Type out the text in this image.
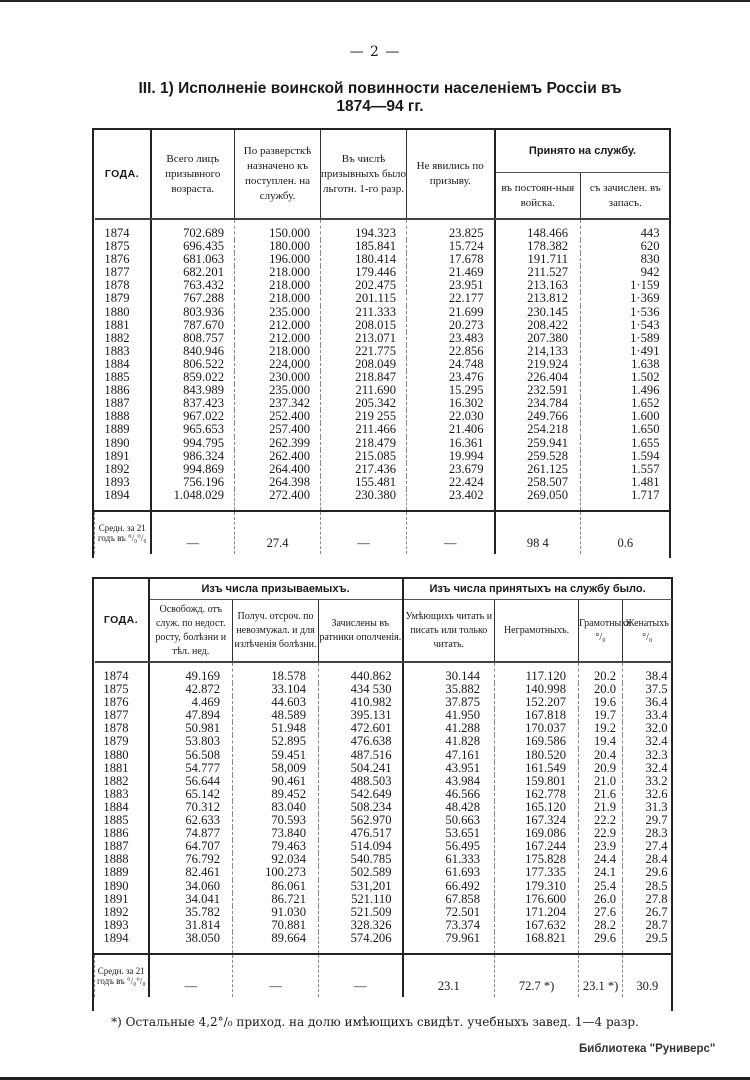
— 2 —
III. 1) Исполненіе воинской повинности населеніемъ Россіи въ
1874—94 гг.
ГОДА.	Всего лицъ призывного возраста.	По разверсткѣ назначено къ поступлен. на службу.	Въ числѣ призывныхъ было льготн. 1-го разр.	Не явились по призыву.	Принято на службу.	
					въ постоян-ныя войска.	съ зачислен. въ запасъ.
1874	702.689	150.000	194.323	23.825	148.466	443
1875	696.435	180.000	185.841	15.724	178.382	620
1876	681.063	196.000	180.414	17.678	191.711	830
1877	682.201	218.000	179.446	21.469	211.527	942
1878	763.432	218.000	202.475	23.951	213.163	1·159
1879	767.288	218.000	201.115	22.177	213.812	1·369
1880	803.936	235.000	211.333	21.699	230.145	1·536
1881	787.670	212.000	208.015	20.273	208.422	1·543
1882	808.757	212.000	213.071	23.483	207.380	1·589
1883	840.946	218.000	221.775	22.856	214,133	1·491
1884	806.522	224,000	208.049	24.748	219.924	1.638
1885	859.022	230.000	218.847	23.476	226.404	1.502
1886	843.989	235.000	211.690	15.295	232.591	1.496
1887	837.423	237.342	205.342	16.302	234.784	1.652
1888	967.022	252.400	219 255	22.030	249.766	1.600
1889	965.653	257.400	211.466	21.406	254.218	1.650
1890	994.795	262.399	218.479	16.361	259.941	1.655
1891	986.324	262.400	215.085	19.994	259.528	1.594
1892	994.869	264.400	217.436	23.679	261.125	1.557
1893	756.196	264.398	155.481	22.424	258.507	1.481
1894	1.048.029	272.400	230.380	23.402	269.050	1.717
Средн. за 21 годъ въ °/₀°/₀	—	27.4	—	—	98 4	0.6
ГОДА.	Изъ числа призываемыхъ.			Изъ числа принятыхъ на службу было.			
	Освобожд. отъ служ. по недост. росту, болѣзни и тѣл. нед.	Получ. отсроч. по невозмужал. и для излѣченія болѣзни.	Зачислены въ ратники ополченія.	Умѣющихъ читать и писать или только читать.	Неграмотныхъ.	Грамотныхъ °/₀	Женатыхъ °/₀
1874	49.169	18.578	440.862	30.144	117.120	20.2	38.4
1875	42.872	33.104	434 530	35.882	140.998	20.0	37.5
1876	4.469	44.603	410.982	37.875	152.207	19.6	36.4
1877	47.894	48.589	395.131	41.950	167.818	19.7	33.4
1878	50.981	51.948	472.601	41.288	170.037	19.2	32.0
1879	53.803	52.895	476.638	41.828	169.586	19.4	32.4
1880	56.508	59.451	487.516	47.161	180.520	20.4	32.3
1881	54.777	58,009	504.241	43.951	161.549	20.9	32.4
1882	56.644	90.461	488.503	43.984	159.801	21.0	33.2
1883	65.142	89.452	542.649	46.566	162.778	21.6	32.6
1884	70.312	83.040	508.234	48.428	165.120	21.9	31.3
1885	62.633	70.593	562.970	50.663	167.324	22.2	29.7
1886	74.877	73.840	476.517	53.651	169.086	22.9	28.3
1887	64.707	79.463	514.094	56.495	167.244	23.9	27.4
1888	76.792	92.034	540.785	61.333	175.828	24.4	28.4
1889	82.461	100.273	502.589	61.693	177.335	24.1	29.6
1890	34.060	86.061	531,201	66.492	179.310	25.4	28.5
1891	34.041	86.721	521.110	67.858	176.600	26.0	27.8
1892	35.782	91.030	521.509	72.501	171.204	27.6	26.7
1893	31.814	70.881	328.326	73.374	167.632	28.2	28.7
1894	38.050	89.664	574.206	79.961	168.821	29.6	29.5
Средн. за 21 годъ въ °/₀°/₀	—	—	—	23.1	72.7 *)	23.1 *)	30.9
*) Остальные 4,2°/₀ приход. на долю имѣющихъ свидѣт. учебныхъ завед. 1—4 разр.
Библиотека "Руниверс"
